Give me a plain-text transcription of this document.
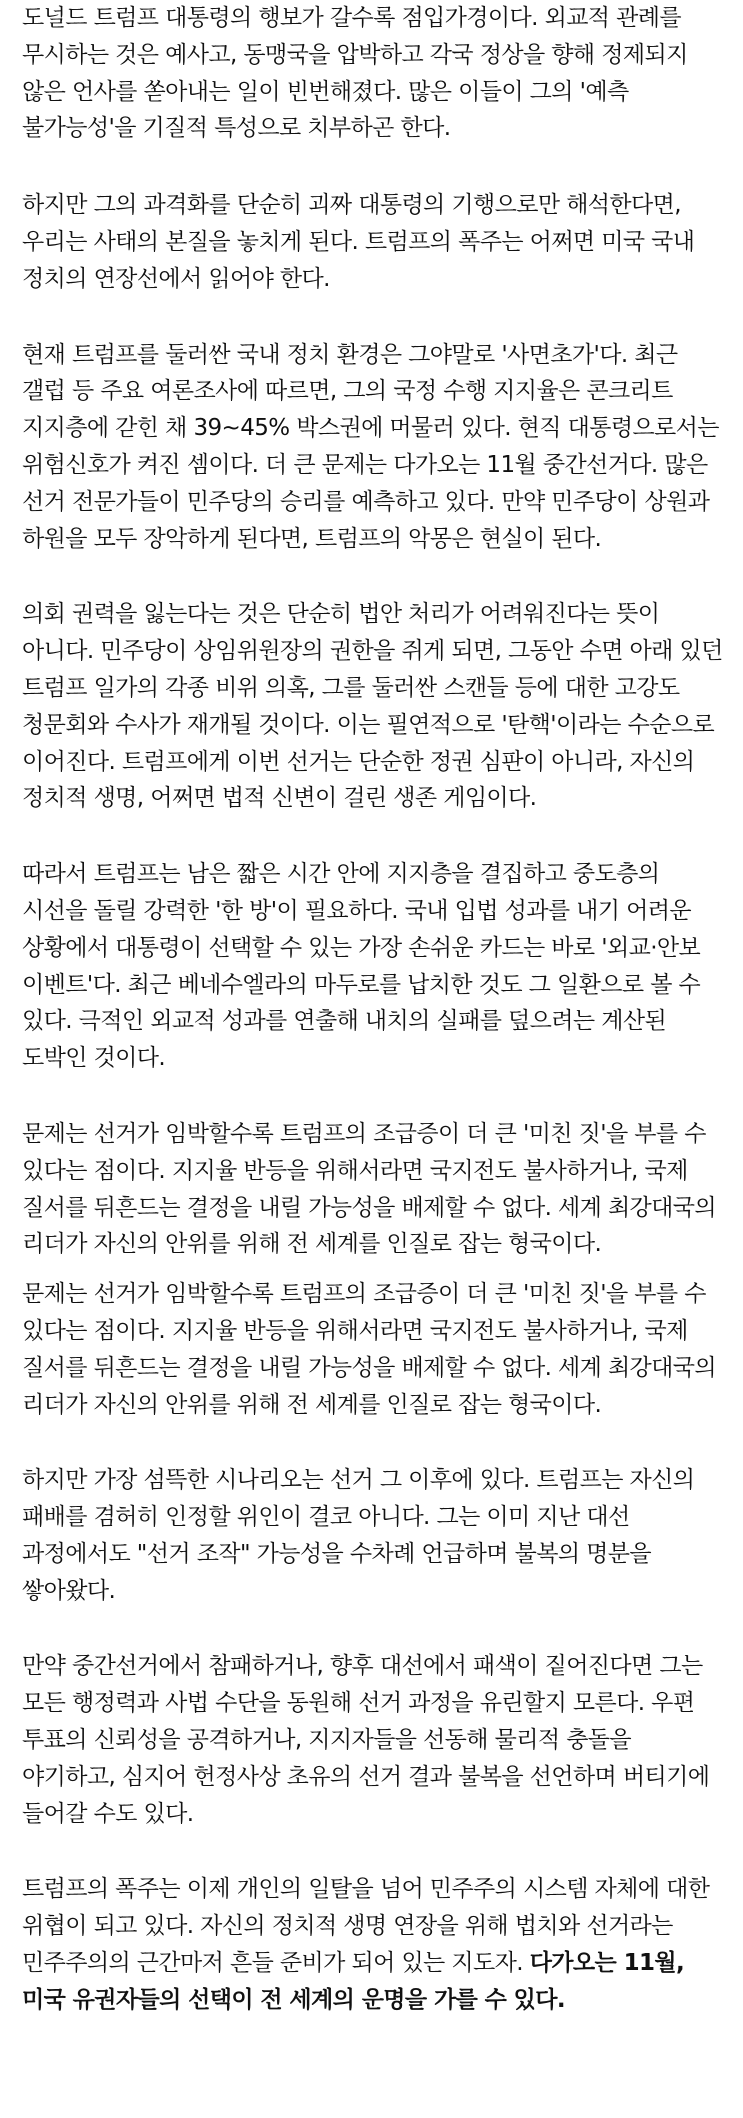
도널드 트럼프 대통령의 행보가 갈수록 점입가경이다. 외교적 관례를 무시하는 것은 예사고, 동맹국을 압박하고 각국 정상을 향해 정제되지 않은 언사를 쏟아내는 일이 빈번해졌다. 많은 이들이 그의 '예측 불가능성'을 기질적 특성으로 치부하곤 한다.

하지만 그의 과격화를 단순히 괴짜 대통령의 기행으로만 해석한다면, 우리는 사태의 본질을 놓치게 된다. 트럼프의 폭주는 어쩌면 미국 국내 정치의 연장선에서 읽어야 한다.

현재 트럼프를 둘러싼 국내 정치 환경은 그야말로 '사면초가'다. 최근 갤럽 등 주요 여론조사에 따르면, 그의 국정 수행 지지율은 콘크리트 지지층에 갇힌 채 39~45% 박스권에 머물러 있다. 현직 대통령으로서는 위험신호가 켜진 셈이다. 더 큰 문제는 다가오는 11월 중간선거다. 많은 선거 전문가들이 민주당의 승리를 예측하고 있다. 만약 민주당이 상원과 하원을 모두 장악하게 된다면, 트럼프의 악몽은 현실이 된다.

의회 권력을 잃는다는 것은 단순히 법안 처리가 어려워진다는 뜻이 아니다. 민주당이 상임위원장의 권한을 쥐게 되면, 그동안 수면 아래 있던 트럼프 일가의 각종 비위 의혹, 그를 둘러싼 스캔들 등에 대한 고강도 청문회와 수사가 재개될 것이다. 이는 필연적으로 '탄핵'이라는 수순으로 이어진다. 트럼프에게 이번 선거는 단순한 정권 심판이 아니라, 자신의 정치적 생명, 어쩌면 법적 신변이 걸린 생존 게임이다.

따라서 트럼프는 남은 짧은 시간 안에 지지층을 결집하고 중도층의 시선을 돌릴 강력한 '한 방'이 필요하다. 국내 입법 성과를 내기 어려운 상황에서 대통령이 선택할 수 있는 가장 손쉬운 카드는 바로 '외교·안보 이벤트'다. 최근 베네수엘라의 마두로를 납치한 것도 그 일환으로 볼 수 있다. 극적인 외교적 성과를 연출해 내치의 실패를 덮으려는 계산된 도박인 것이다.

문제는 선거가 임박할수록 트럼프의 조급증이 더 큰 '미친 짓'을 부를 수 있다는 점이다. 지지율 반등을 위해서라면 국지전도 불사하거나, 국제 질서를 뒤흔드는 결정을 내릴 가능성을 배제할 수 없다. 세계 최강대국의 리더가 자신의 안위를 위해 전 세계를 인질로 잡는 형국이다.

문제는 선거가 임박할수록 트럼프의 조급증이 더 큰 '미친 짓'을 부를 수 있다는 점이다. 지지율 반등을 위해서라면 국지전도 불사하거나, 국제 질서를 뒤흔드는 결정을 내릴 가능성을 배제할 수 없다. 세계 최강대국의 리더가 자신의 안위를 위해 전 세계를 인질로 잡는 형국이다.

하지만 가장 섬뜩한 시나리오는 선거 그 이후에 있다. 트럼프는 자신의 패배를 겸허히 인정할 위인이 결코 아니다. 그는 이미 지난 대선 과정에서도 "선거 조작" 가능성을 수차례 언급하며 불복의 명분을 쌓아왔다.

만약 중간선거에서 참패하거나, 향후 대선에서 패색이 짙어진다면 그는 모든 행정력과 사법 수단을 동원해 선거 과정을 유린할지 모른다. 우편 투표의 신뢰성을 공격하거나, 지지자들을 선동해 물리적 충돌을 야기하고, 심지어 헌정사상 초유의 선거 결과 불복을 선언하며 버티기에 들어갈 수도 있다.

트럼프의 폭주는 이제 개인의 일탈을 넘어 민주주의 시스템 자체에 대한 위협이 되고 있다. 자신의 정치적 생명 연장을 위해 법치와 선거라는 민주주의의 근간마저 흔들 준비가 되어 있는 지도자. 다가오는 11월, 미국 유권자들의 선택이 전 세계의 운명을 가를 수 있다.
